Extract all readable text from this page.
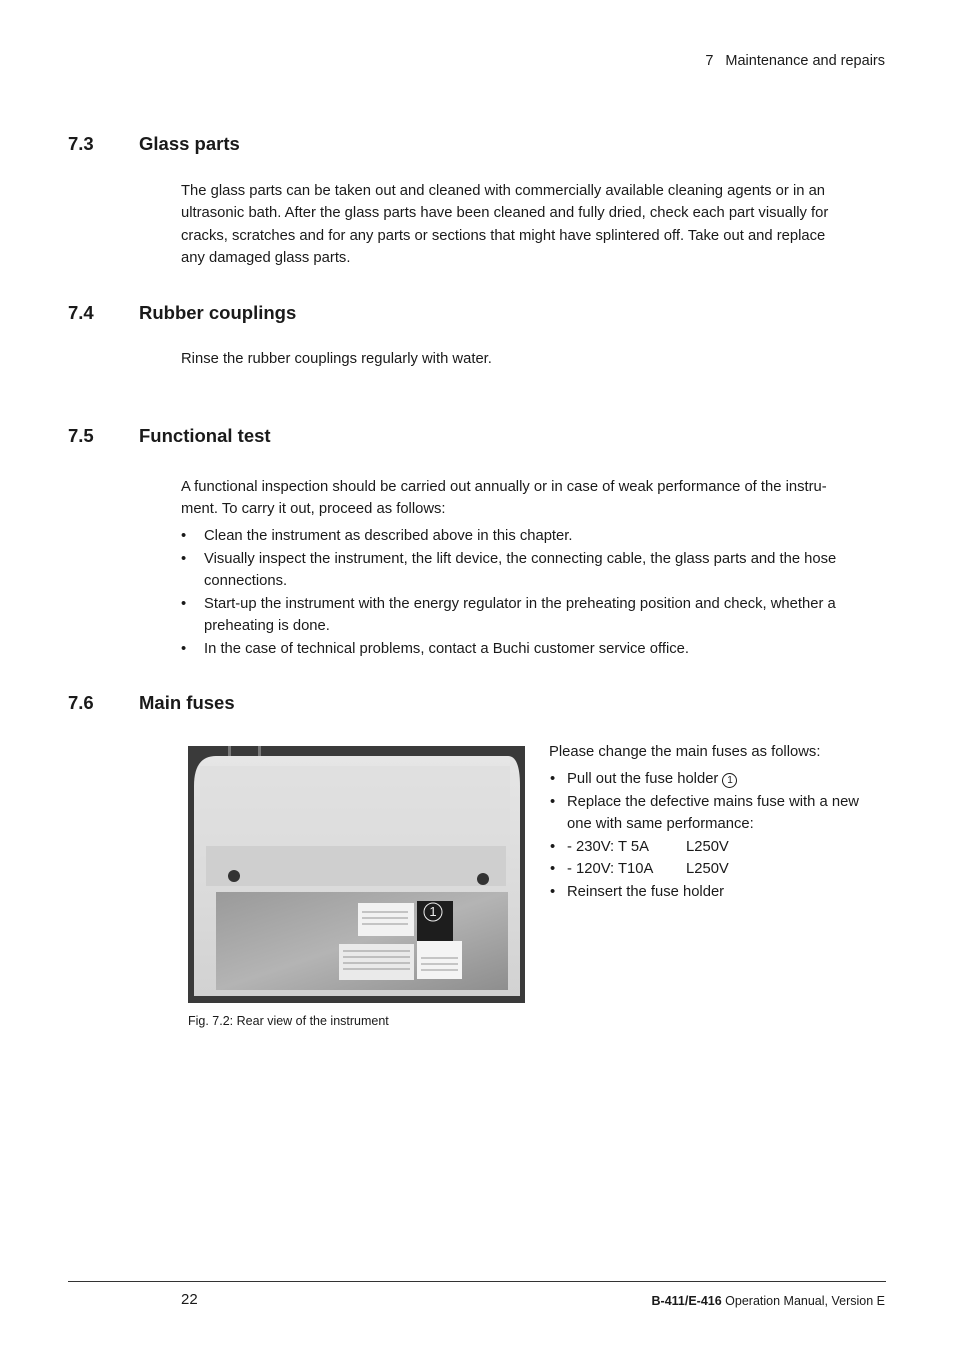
7 Maintenance and repairs
7.3 Glass parts
The glass parts can be taken out and cleaned with commercially available cleaning agents or in an
ultrasonic bath. After the glass parts have been cleaned and fully dried, check each part visually for
cracks, scratches and for any parts or sections that might have splintered off. Take out and replace
any damaged glass parts.
7.4 Rubber couplings
Rinse the rubber couplings regularly with water.
7.5 Functional test
A functional inspection should be carried out annually or in case of weak performance of the instru-
ment. To carry it out, proceed as follows:
• Clean the instrument as described above in this chapter.
• Visually inspect the instrument, the lift device, the connecting cable, the glass parts and the hose
connections.
• Start-up the instrument with the energy regulator in the preheating position and check, whether a
preheating is done.
• In the case of technical problems, contact a Buchi customer service office.
7.6 Main fuses
1
Fig. 7.2: Rear view of the instrument
Please change the main fuses as follows:
• Pull out the fuse holder 1
• Replace the defective mains fuse with a new
one with same performance:
• - 230V: T 5A	L250V
• - 120V: T10A L250V
• Reinsert the fuse holder
22	B-411/E-416 Operation Manual, Version E
